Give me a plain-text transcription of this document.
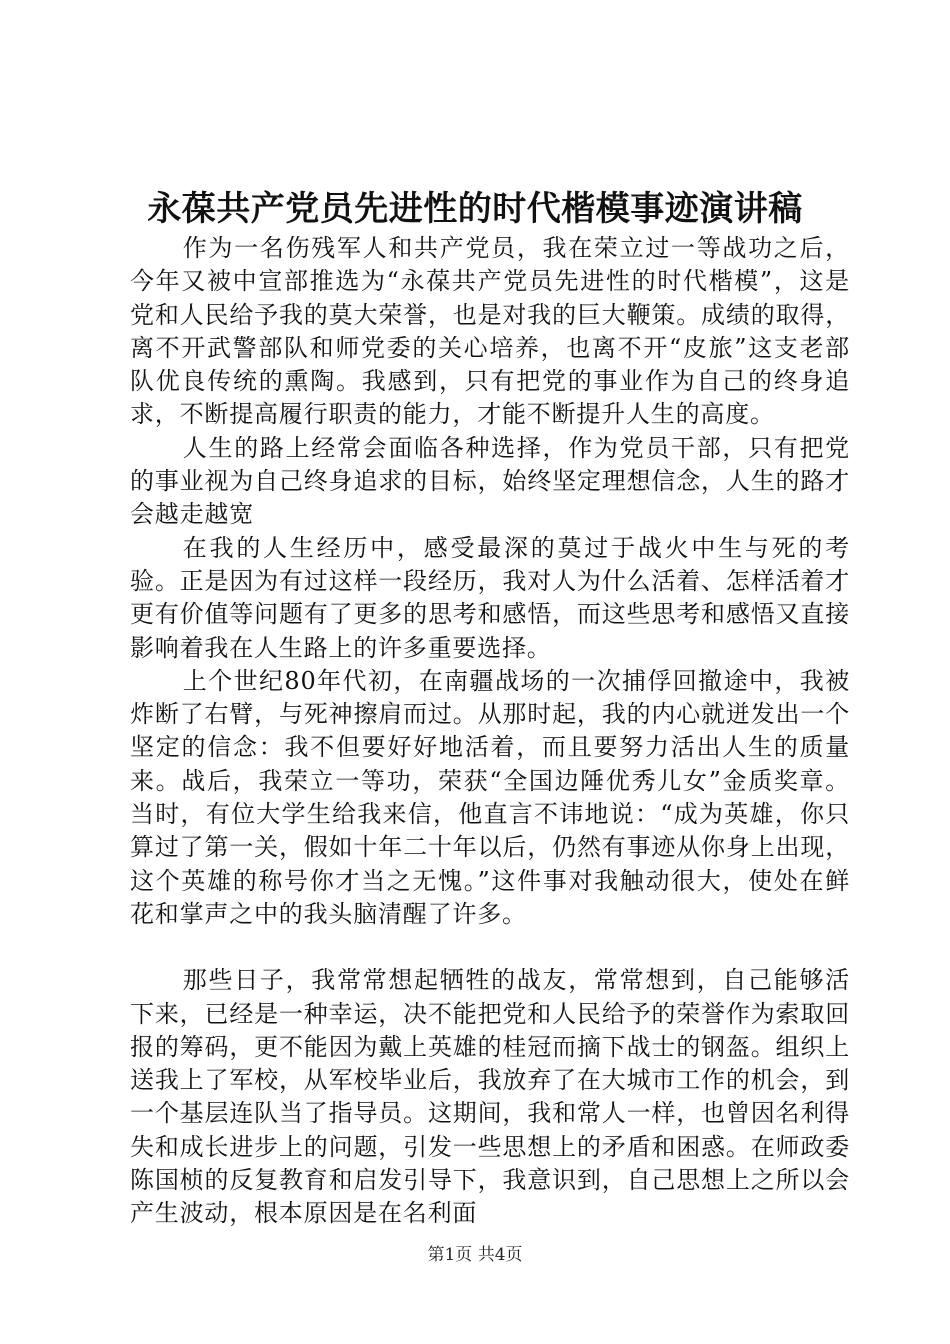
永葆共产党员先进性的时代楷模事迹演讲稿

作为一名伤残军人和共产党员，我在荣立过一等战功之后，今年又被中宣部推选为“永葆共产党员先进性的时代楷模”，这是党和人民给予我的莫大荣誉，也是对我的巨大鞭策。成绩的取得，离不开武警部队和师党委的关心培养，也离不开“皮旅”这支老部队优良传统的熏陶。我感到，只有把党的事业作为自己的终身追求，不断提高履行职责的能力，才能不断提升人生的高度。

人生的路上经常会面临各种选择，作为党员干部，只有把党的事业视为自己终身追求的目标，始终坚定理想信念，人生的路才会越走越宽

在我的人生经历中，感受最深的莫过于战火中生与死的考验。正是因为有过这样一段经历，我对人为什么活着、怎样活着才更有价值等问题有了更多的思考和感悟，而这些思考和感悟又直接影响着我在人生路上的许多重要选择。

上个世纪80年代初，在南疆战场的一次捕俘回撤途中，我被炸断了右臂，与死神擦肩而过。从那时起，我的内心就迸发出一个坚定的信念：我不但要好好地活着，而且要努力活出人生的质量来。战后，我荣立一等功，荣获“全国边陲优秀儿女”金质奖章。当时，有位大学生给我来信，他直言不讳地说：“成为英雄，你只算过了第一关，假如十年二十年以后，仍然有事迹从你身上出现，这个英雄的称号你才当之无愧。”这件事对我触动很大，使处在鲜花和掌声之中的我头脑清醒了许多。

那些日子，我常常想起牺牲的战友，常常想到，自己能够活下来，已经是一种幸运，决不能把党和人民给予的荣誉作为索取回报的筹码，更不能因为戴上英雄的桂冠而摘下战士的钢盔。组织上送我上了军校，从军校毕业后，我放弃了在大城市工作的机会，到一个基层连队当了指导员。这期间，我和常人一样，也曾因名利得失和成长进步上的问题，引发一些思想上的矛盾和困惑。在师政委陈国桢的反复教育和启发引导下，我意识到，自己思想上之所以会产生波动，根本原因是在名利面

第1页 共4页
